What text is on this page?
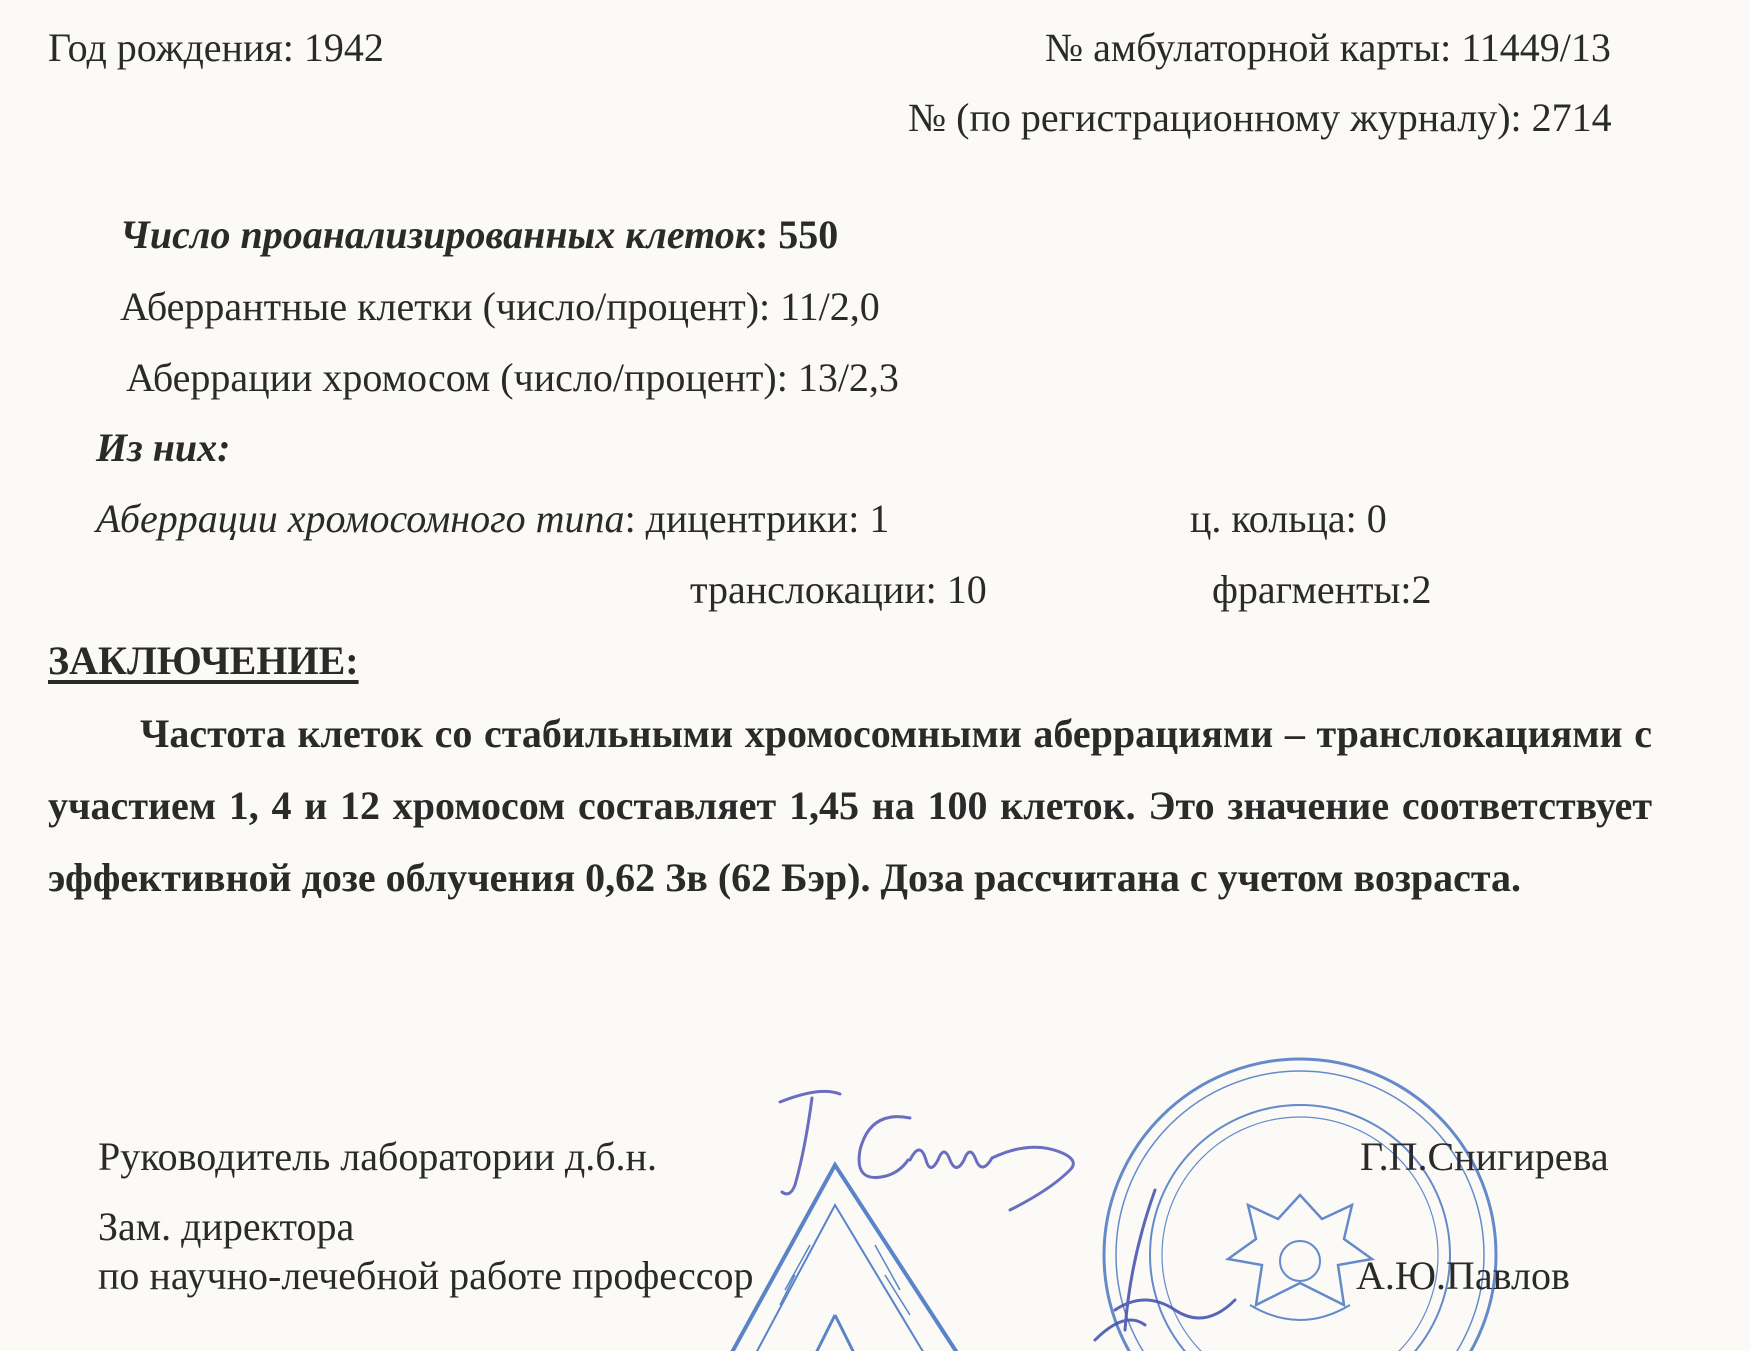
Год рождения: 1942	№ амбулаторной карты: 11449/13
№ (по регистрационному журналу): 2714
Число проанализированных клеток: 550
Аберрантные клетки (число/процент): 11/2,0
Аберрации хромосом (число/процент): 13/2,3
Из них:
Аберрации хромосомного типа: дицентрики: 1	ц. кольца: 0
транслокации: 10	фрагменты:2
ЗАКЛЮЧЕНИЕ:
Частота клеток со стабильными хромосомными аберрациями – транслокациями с участием 1, 4 и 12 хромосом составляет 1,45 на 100 клеток. Это значение соответствует эффективной дозе облучения 0,62 Зв (62 Бэр). Доза рассчитана с учетом возраста.
Руководитель лаборатории д.б.н.	Г.П.Снигирева
Зам. директора
по научно-лечебной работе профессор	А.Ю.Павлов
